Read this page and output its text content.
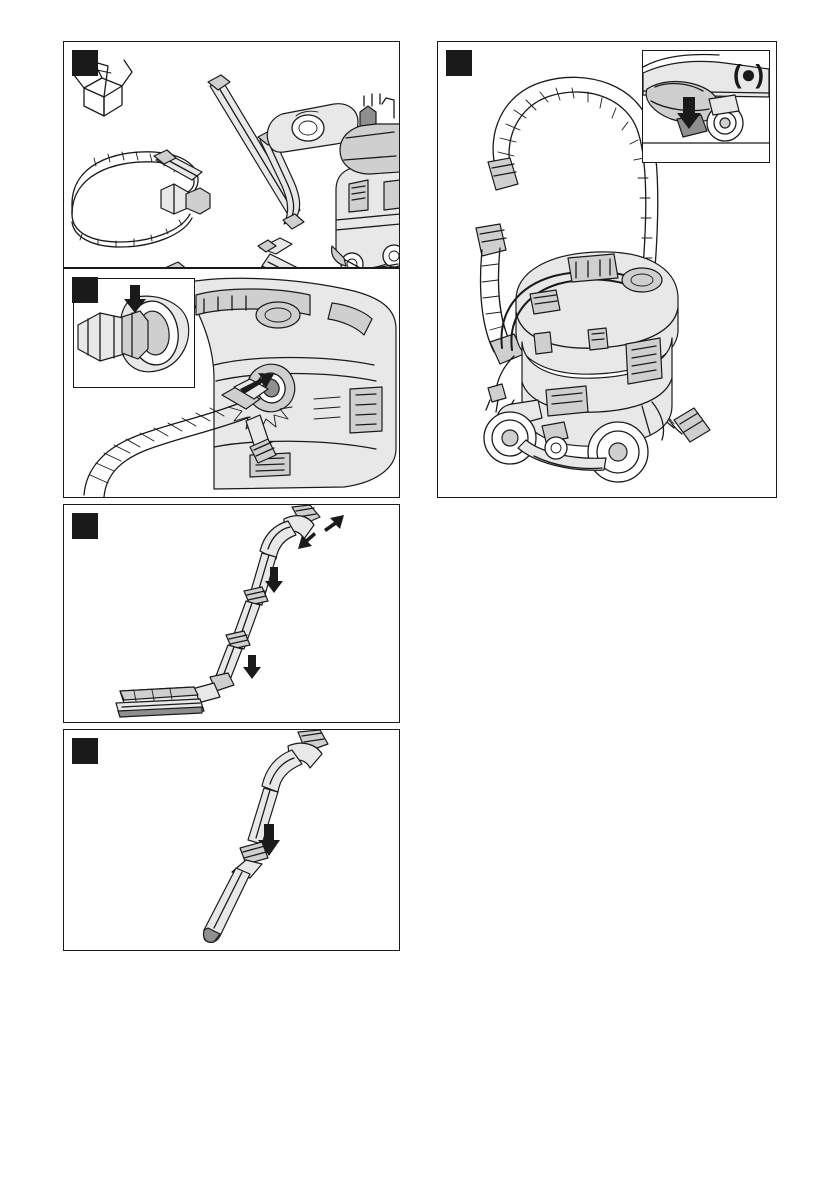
(●)
